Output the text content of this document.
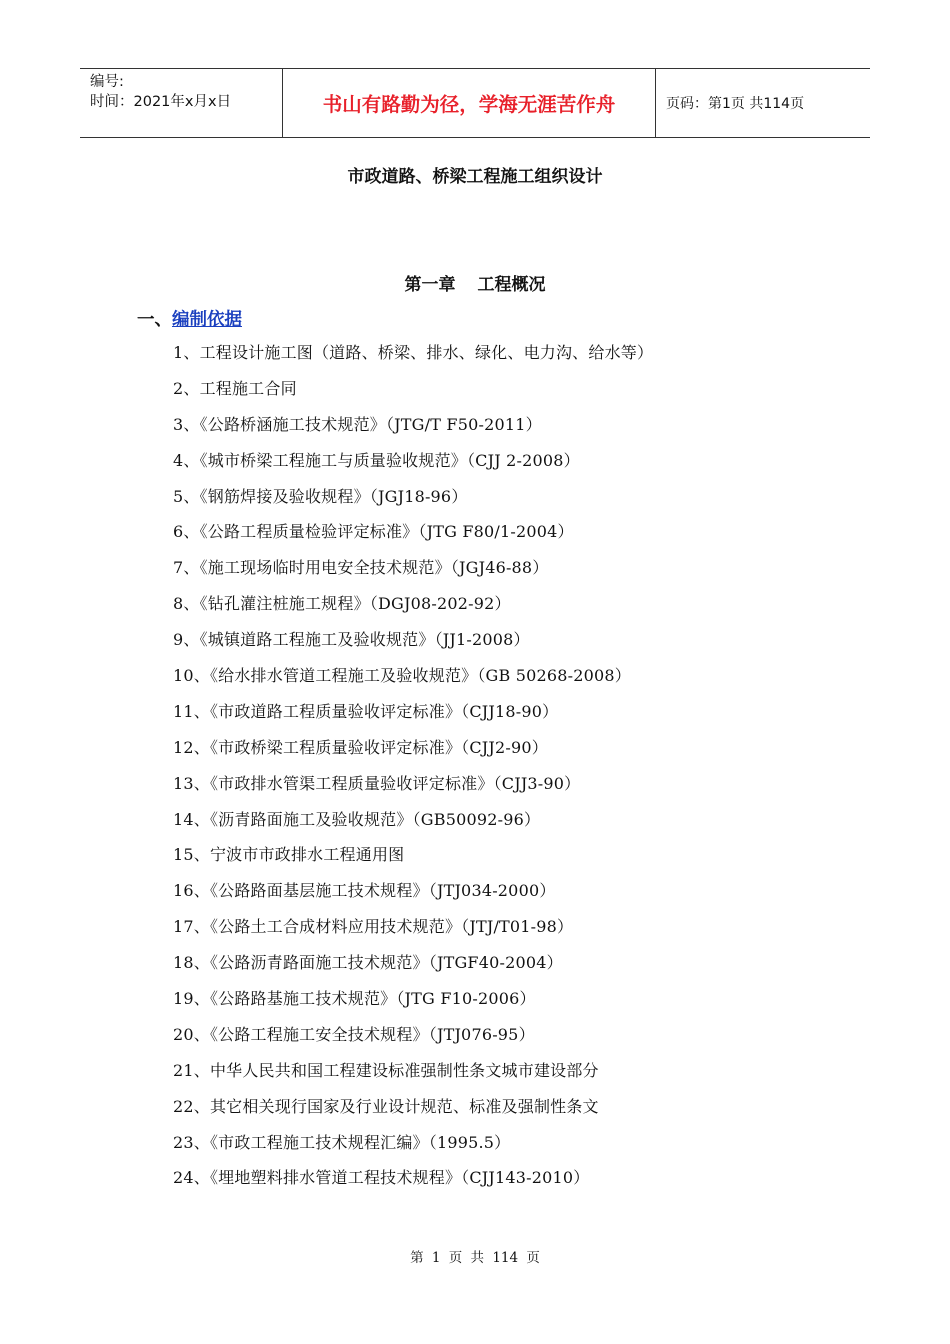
编号:
时间：2021年x月x日	书山有路勤为径，学海无涯苦作舟	页码：第1页 共114页
市政道路、桥梁工程施工组织设计
第一章 工程概况
一、编制依据
1、工程设计施工图（道路、桥梁、排水、绿化、电力沟、给水等）
2、工程施工合同
3、《公路桥涵施工技术规范》（JTG/T F50-2011）
4、《城市桥梁工程施工与质量验收规范》（CJJ 2-2008）
5、《钢筋焊接及验收规程》（JGJ18-96）
6、《公路工程质量检验评定标准》（JTG F80/1-2004）
7、《施工现场临时用电安全技术规范》（JGJ46-88）
8、《钻孔灌注桩施工规程》（DGJ08-202-92）
9、《城镇道路工程施工及验收规范》（JJ1-2008）
10、《给水排水管道工程施工及验收规范》（GB 50268-2008）
11、《市政道路工程质量验收评定标准》（CJJ18-90）
12、《市政桥梁工程质量验收评定标准》（CJJ2-90）
13、《市政排水管渠工程质量验收评定标准》（CJJ3-90）
14、《沥青路面施工及验收规范》（GB50092-96）
15、宁波市市政排水工程通用图
16、《公路路面基层施工技术规程》（JTJ034-2000）
17、《公路土工合成材料应用技术规范》（JTJ/T01-98）
18、《公路沥青路面施工技术规范》（JTGF40-2004）
19、《公路路基施工技术规范》（JTG F10-2006）
20、《公路工程施工安全技术规程》（JTJ076-95）
21、中华人民共和国工程建设标准强制性条文城市建设部分
22、其它相关现行国家及行业设计规范、标准及强制性条文
23、《市政工程施工技术规程汇编》（1995.5）
24、《埋地塑料排水管道工程技术规程》（CJJ143-2010）
第 1 页 共 114 页
